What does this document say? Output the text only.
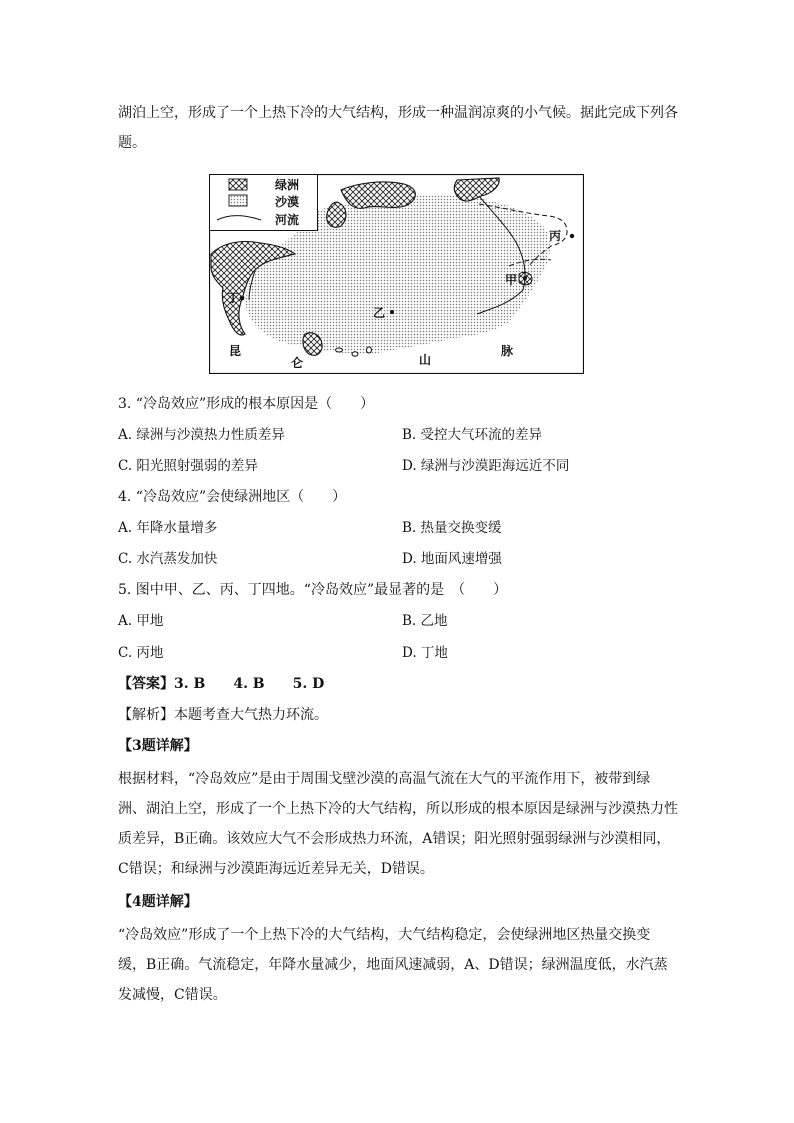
湖泊上空，形成了一个上热下冷的大气结构，形成一种温润凉爽的小气候。据此完成下列各
题。
绿洲
沙漠
河流
丁
乙
丙
甲
昆
仑	山
脉
3. “冷岛效应”形成的根本原因是（　　）
A. 绿洲与沙漠热力性质差异	B. 受控大气环流的差异
C. 阳光照射强弱的差异	D. 绿洲与沙漠距海远近不同
4. “冷岛效应”会使绿洲地区（　　）
A. 年降水量增多	B. 热量交换变缓
C. 水汽蒸发加快	D. 地面风速增强
5. 图中甲、乙、丙、丁四地。“冷岛效应”最显著的是　（　　）
A. 甲地	B. 乙地
C. 丙地	D. 丁地
【答案】3. B　　4. B　　5. D
【解析】本题考查大气热力环流。
【3题详解】
根据材料，“冷岛效应”是由于周围戈壁沙漠的高温气流在大气的平流作用下，被带到绿洲、湖泊上空，形成了一个上热下冷的大气结构，所以形成的根本原因是绿洲与沙漠热力性质差异，B正确。该效应大气不会形成热力环流，A错误；阳光照射强弱绿洲与沙漠相同，C错误；和绿洲与沙漠距海远近差异无关，D错误。
【4题详解】
“冷岛效应”形成了一个上热下冷的大气结构，大气结构稳定，会使绿洲地区热量交换变缓，B正确。气流稳定，年降水量减少，地面风速减弱，A、D错误；绿洲温度低，水汽蒸发减慢，C错误。
